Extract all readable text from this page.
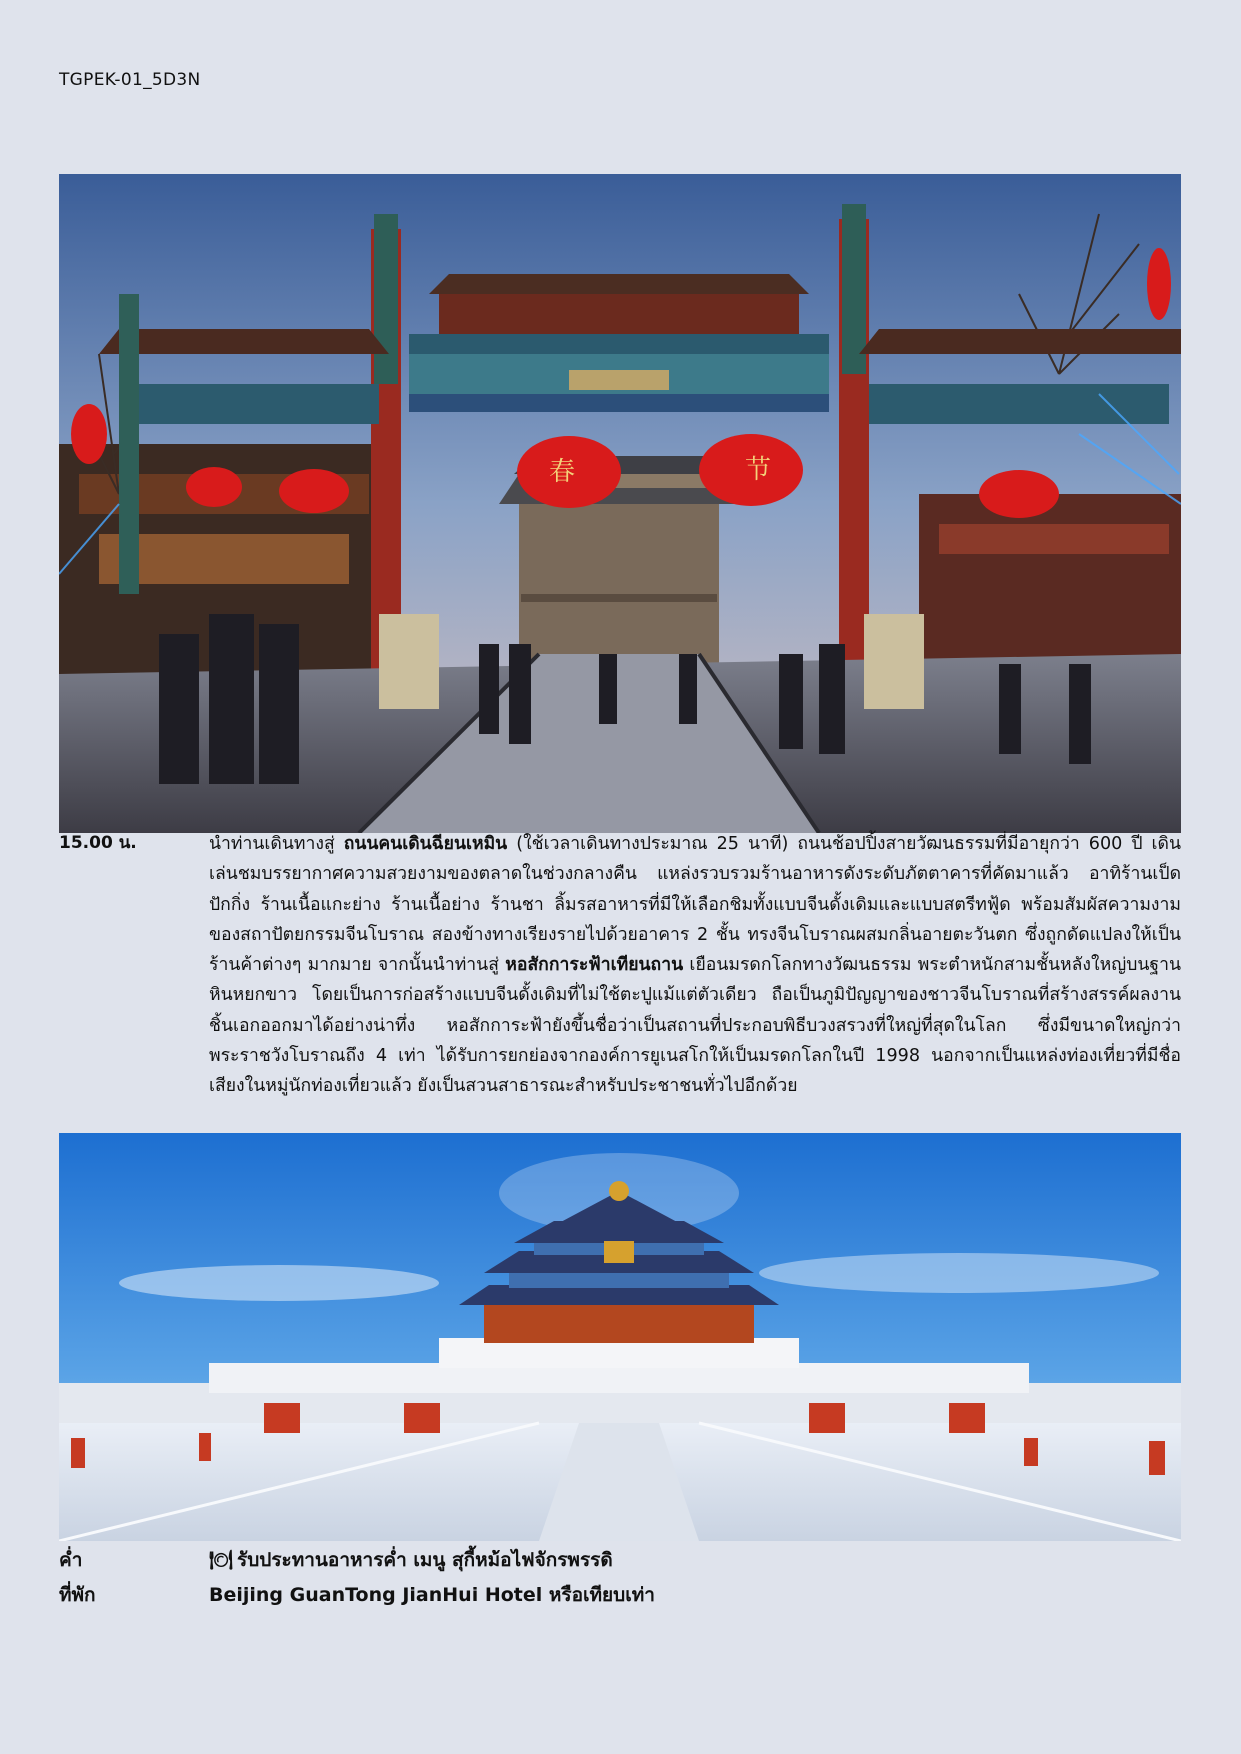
TGPEK-01_5D3N
春	节
15.00 น.	นำท่านเดินทางสู่ ถนนคนเดินฉียนเหมิน (ใช้เวลาเดินทางประมาณ 25 นาที) ถนนช้อปปิ้งสายวัฒนธรรมที่มีอายุกว่า 600 ปี เดินเล่นชมบรรยากาศความสวยงามของตลาดในช่วงกลางคืน แหล่งรวบรวมร้านอาหารดังระดับภัตตาคารที่คัดมาแล้ว อาทิร้านเป็ดปักกิ่ง ร้านเนื้อแกะย่าง ร้านเนื้อย่าง ร้านชา ลิ้มรสอาหารที่มีให้เลือกชิมทั้งแบบจีนดั้งเดิมและแบบสตรีทฟู้ด พร้อมสัมผัสความงามของสถาปัตยกรรมจีนโบราณ สองข้างทางเรียงรายไปด้วยอาคาร 2 ชั้น ทรงจีนโบราณผสมกลิ่นอายตะวันตก ซึ่งถูกดัดแปลงให้เป็นร้านค้าต่างๆ มากมาย จากนั้นนำท่านสู่ หอสักการะฟ้าเทียนถาน เยือนมรดกโลกทางวัฒนธรรม พระตำหนักสามชั้นหลังใหญ่บนฐานหินหยกขาว โดยเป็นการก่อสร้างแบบจีนดั้งเดิมที่ไม่ใช้ตะปูแม้แต่ตัวเดียว ถือเป็นภูมิปัญญาของชาวจีนโบราณที่สร้างสรรค์ผลงานชิ้นเอกออกมาได้อย่างน่าทึ่ง หอสักการะฟ้ายังขึ้นชื่อว่าเป็นสถานที่ประกอบพิธีบวงสรวงที่ใหญ่ที่สุดในโลก ซึ่งมีขนาดใหญ่กว่าพระราชวังโบราณถึง 4 เท่า ได้รับการยกย่องจากองค์การยูเนสโกให้เป็นมรดกโลกในปี 1998 นอกจากเป็นแหล่งท่องเที่ยวที่มีชื่อเสียงในหมู่นักท่องเที่ยวแล้ว ยังเป็นสวนสาธารณะสำหรับประชาชนทั่วไปอีกด้วย
ค่ำ	🍽 รับประทานอาหารค่ำ เมนู สุกี้หม้อไฟจักรพรรดิ
ที่พัก	Beijing GuanTong JianHui Hotel หรือเทียบเท่า
